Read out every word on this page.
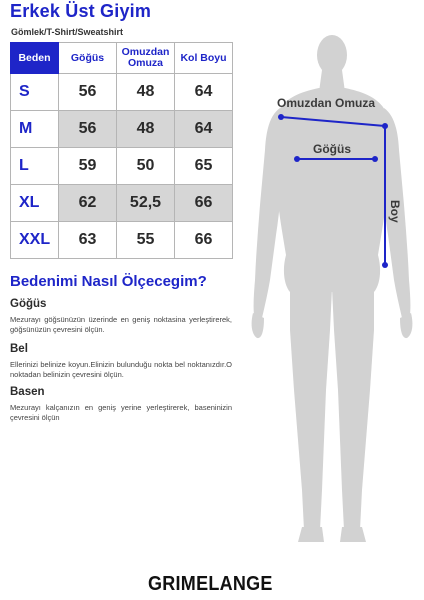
Erkek Üst Giyim
Gömlek/T-Shirt/Sweatshirt
Beden	Göğüs	Omuzdan Omuza	Kol Boyu
S	56	48	64
M	56	48	64
L	59	50	65
XL	62	52,5	66
XXL	63	55	66
Bedenimi Nasıl Ölçecegim?
Göğüs
Mezurayı göğsünüzün üzerinde en geniş noktasina yerleştirerek, göğsünüzün çevresini ölçün.
Bel
Ellerinizi belinize koyun.Elinizin bulunduğu nokta bel noktanızdır.O noktadan belinizin çevresini ölçün.
Basen
Mezurayı kalçanızın en geniş yerine yerleştirerek, baseninizin çevresini ölçün
Omuzdan Omuza
Göğüs
Boy
GRIMELANGE
